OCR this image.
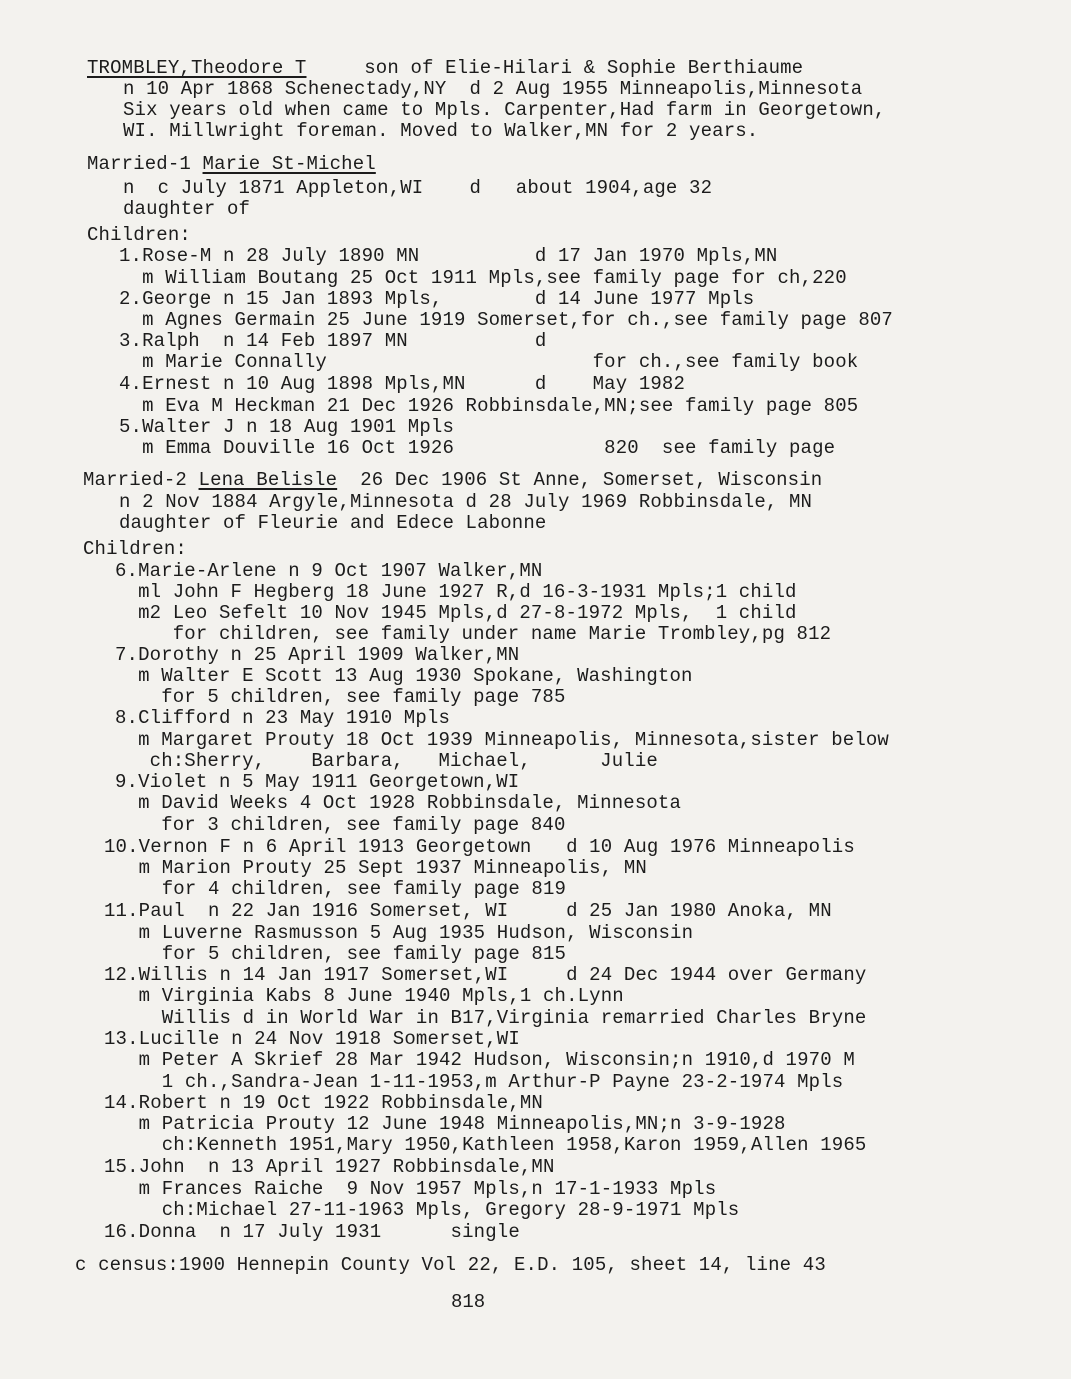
TROMBLEY,Theodore T     son of Elie-Hilari & Sophie Berthiaume
n 10 Apr 1868 Schenectady,NY  d 2 Aug 1955 Minneapolis,Minnesota
Six years old when came to Mpls. Carpenter,Had farm in Georgetown,
WI. Millwright foreman. Moved to Walker,MN for 2 years.
Married-1 Marie St-Michel
n  c July 1871 Appleton,WI    d   about 1904,age 32
daughter of
Children:
1.Rose-M n 28 July 1890 MN          d 17 Jan 1970 Mpls,MN
m William Boutang 25 Oct 1911 Mpls,see family page for ch,220
2.George n 15 Jan 1893 Mpls,        d 14 June 1977 Mpls
m Agnes Germain 25 June 1919 Somerset,for ch.,see family page 807
3.Ralph  n 14 Feb 1897 MN           d
m Marie Connally                       for ch.,see family book
4.Ernest n 10 Aug 1898 Mpls,MN      d    May 1982
m Eva M Heckman 21 Dec 1926 Robbinsdale,MN;see family page 805
5.Walter J n 18 Aug 1901 Mpls
m Emma Douville 16 Oct 1926             820  see family page
Married-2 Lena Belisle  26 Dec 1906 St Anne, Somerset, Wisconsin
n 2 Nov 1884 Argyle,Minnesota d 28 July 1969 Robbinsdale, MN
daughter of Fleurie and Edece Labonne
Children:
6.Marie-Arlene n 9 Oct 1907 Walker,MN
ml John F Hegberg 18 June 1927 R,d 16-3-1931 Mpls;1 child
m2 Leo Sefelt 10 Nov 1945 Mpls,d 27-8-1972 Mpls,  1 child
for children, see family under name Marie Trombley,pg 812
7.Dorothy n 25 April 1909 Walker,MN
m Walter E Scott 13 Aug 1930 Spokane, Washington
for 5 children, see family page 785
8.Clifford n 23 May 1910 Mpls
m Margaret Prouty 18 Oct 1939 Minneapolis, Minnesota,sister below
ch:Sherry,    Barbara,   Michael,      Julie
9.Violet n 5 May 1911 Georgetown,WI
m David Weeks 4 Oct 1928 Robbinsdale, Minnesota
for 3 children, see family page 840
10.Vernon F n 6 April 1913 Georgetown   d 10 Aug 1976 Minneapolis
m Marion Prouty 25 Sept 1937 Minneapolis, MN
for 4 children, see family page 819
11.Paul  n 22 Jan 1916 Somerset, WI     d 25 Jan 1980 Anoka, MN
m Luverne Rasmusson 5 Aug 1935 Hudson, Wisconsin
for 5 children, see family page 815
12.Willis n 14 Jan 1917 Somerset,WI     d 24 Dec 1944 over Germany
m Virginia Kabs 8 June 1940 Mpls,1 ch.Lynn
Willis d in World War in B17,Virginia remarried Charles Bryne
13.Lucille n 24 Nov 1918 Somerset,WI
m Peter A Skrief 28 Mar 1942 Hudson, Wisconsin;n 1910,d 1970 M
1 ch.,Sandra-Jean 1-11-1953,m Arthur-P Payne 23-2-1974 Mpls
14.Robert n 19 Oct 1922 Robbinsdale,MN
m Patricia Prouty 12 June 1948 Minneapolis,MN;n 3-9-1928
ch:Kenneth 1951,Mary 1950,Kathleen 1958,Karon 1959,Allen 1965
15.John  n 13 April 1927 Robbinsdale,MN
m Frances Raiche  9 Nov 1957 Mpls,n 17-1-1933 Mpls
ch:Michael 27-11-1963 Mpls, Gregory 28-9-1971 Mpls
16.Donna  n 17 July 1931      single
c census:1900 Hennepin County Vol 22, E.D. 105, sheet 14, line 43
818
